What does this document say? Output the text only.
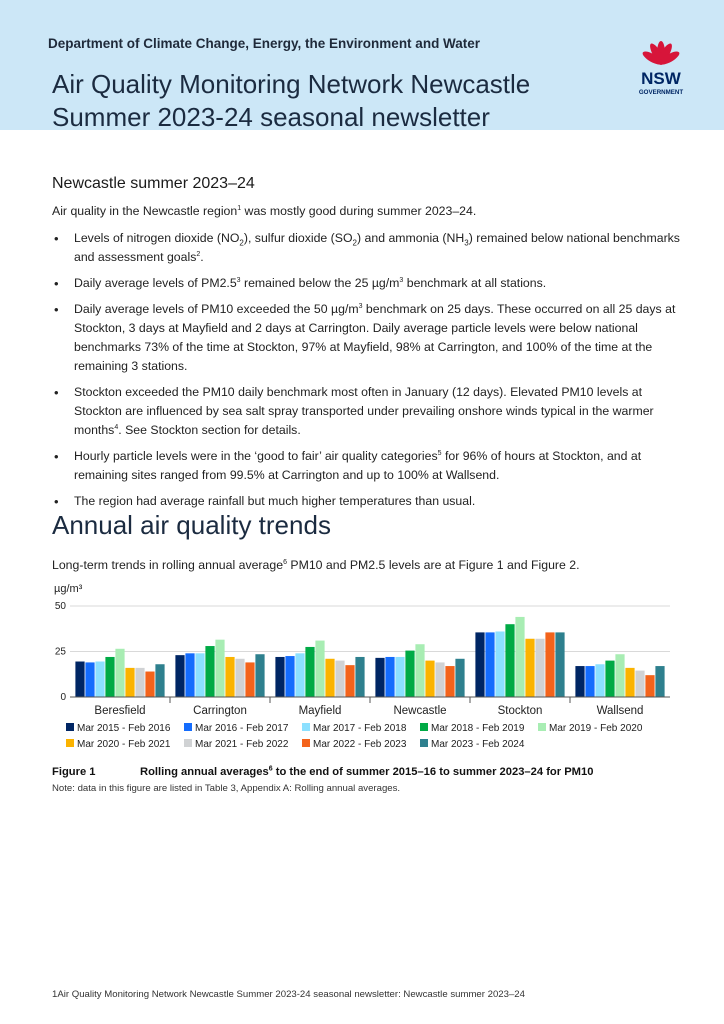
Department of Climate Change, Energy, the Environment and Water
Air Quality Monitoring Network Newcastle
Summer 2023-24 seasonal newsletter
NSW
GOVERNMENT
Newcastle summer 2023–24
Air quality in the Newcastle region$^1$ was mostly good during summer 2023–24.
• Levels of nitrogen dioxide $(NO_2)$, sulfur dioxide $(SO_2)$ and ammonia $(NH_3)$ remained below national benchmarks and assessment goals$^2$.
• Daily average levels of $PM2.5^3$ remained below the 25 $\mu g/m^3$ benchmark at all stations.
• Daily average levels of PM10 exceeded the 50 $\mu g/m^3$ benchmark on 25 days. These occurred on all 25 days at Stockton, 3 days at Mayfield and 2 days at Carrington. Daily average particle levels were below national benchmarks 73% of the time at Stockton, 97% at Mayfield, 98% at Carrington, and 100% of the time at the remaining 3 stations.
• Stockton exceeded the PM10 daily benchmark most often in January (12 days). Elevated PM10 levels at Stockton are influenced by sea salt spray transported under prevailing onshore winds typical in the warmer months$^4$. See Stockton section for details.
• Hourly particle levels were in the ‘good to fair’ air quality categories$^5$ for 96% of hours at Stockton, and at remaining sites ranged from 99.5% at Carrington and up to 100% at Wallsend.
• The region had average rainfall but much higher temperatures than usual.
Annual air quality trends
Long-term trends in rolling annual average$^6$ PM10 and PM2.5 levels are at Figure 1 and Figure 2.
µg/m³
0
25
50
Beresfield	Carrington	Mayfield	Newcastle	Stockton	Wallsend
Mar 2015 - Feb 2016 Mar 2016 - Feb 2017 Mar 2017 - Feb 2018 Mar 2018 - Feb 2019 Mar 2019 - Feb 2020
Mar 2020 - Feb 2021 Mar 2021 - Feb 2022 Mar 2022 - Feb 2023 Mar 2023 - Feb 2024
Figure 1	Rolling annual averages$^6$ to the end of summer 2015–16 to summer 2023–24 for PM10
Note: data in this figure are listed in Table 3, Appendix A: Rolling annual averages.
1Air Quality Monitoring Network Newcastle Summer 2023-24 seasonal newsletter: Newcastle summer 2023–24
